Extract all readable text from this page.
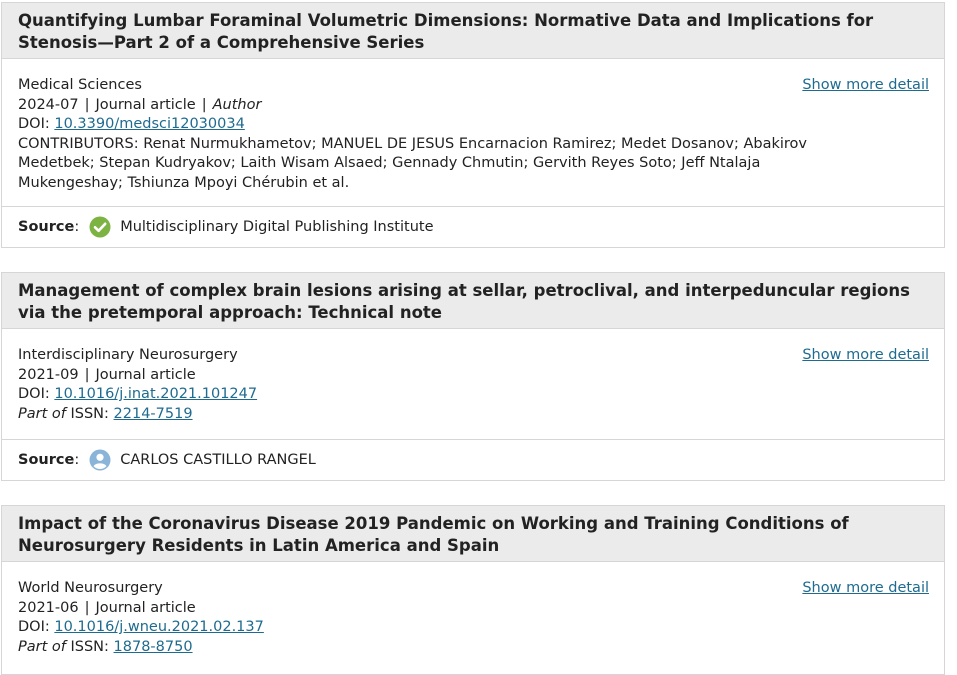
Quantifying Lumbar Foraminal Volumetric Dimensions: Normative Data and Implications for Stenosis—Part 2 of a Comprehensive Series

Medical Sciences

2024-07 | Journal article | Author

DOI: 10.3390/medsci12030034

CONTRIBUTORS: Renat Nurmukhametov; MANUEL DE JESUS Encarnacion Ramirez; Medet Dosanov; Abakirov Medetbek; Stepan Kudryakov; Laith Wisam Alsaed; Gennady Chmutin; Gervith Reyes Soto; Jeff Ntalaja Mukengeshay; Tshiunza Mpoyi Chérubin et al.

Show more detail
Source :	Multidisciplinary Digital Publishing Institute
Management of complex brain lesions arising at sellar, petroclival, and interpeduncular regions via the pretemporal approach: Technical note

Interdisciplinary Neurosurgery

2021-09 | Journal article

DOI: 10.1016/j.inat.2021.101247

Part of ISSN: 2214-7519

Show more detail
Source :	CARLOS CASTILLO RANGEL
Impact of the Coronavirus Disease 2019 Pandemic on Working and Training Conditions of Neurosurgery Residents in Latin America and Spain

World Neurosurgery

2021-06 | Journal article

DOI: 10.1016/j.wneu.2021.02.137

Part of ISSN: 1878-8750

Show more detail
